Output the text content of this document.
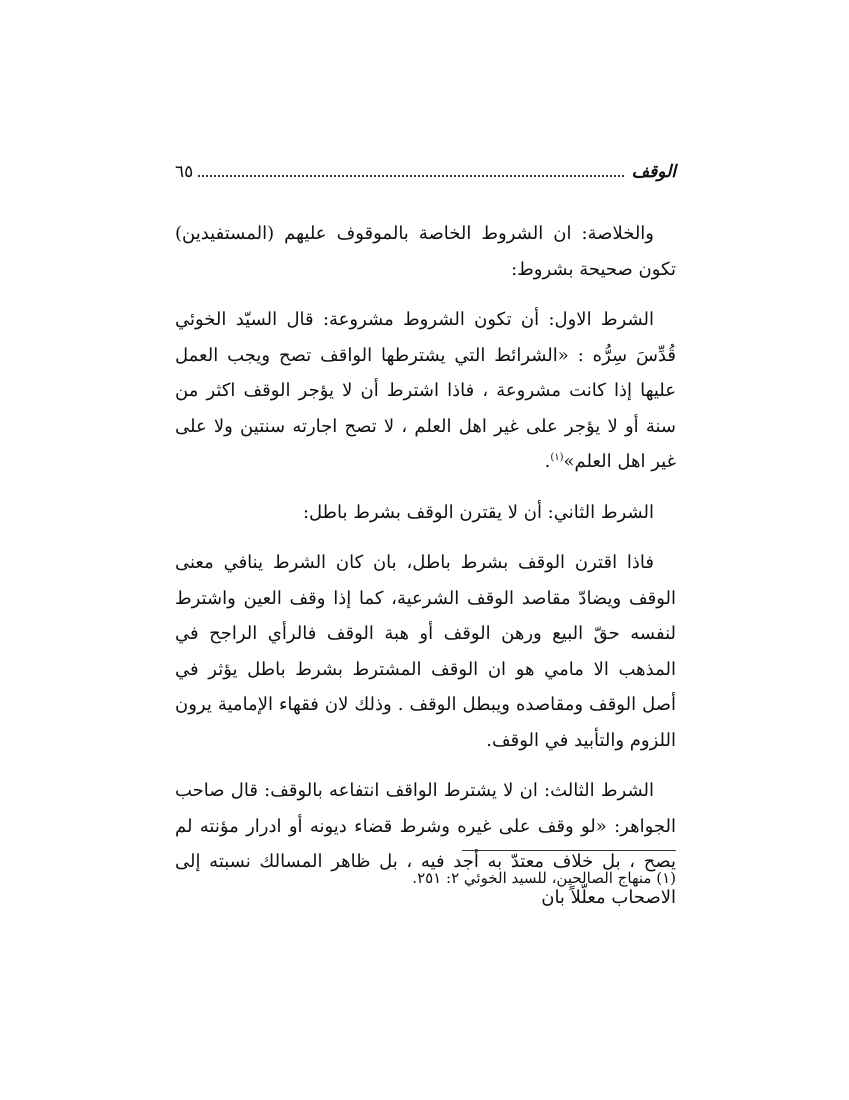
الوقف
٦٥

والخلاصة: ان الشروط الخاصة بالموقوف عليهم (المستفيدين) تكون صحيحة بشروط:

الشرط الاول: أن تكون الشروط مشروعة: قال السيّد الخوئي قُدِّسَ سِرُّه : «الشرائط التي يشترطها الواقف تصح ويجب العمل عليها إذا كانت مشروعة ، فاذا اشترط أن لا يؤجر الوقف اكثر من سنة أو لا يؤجر على غير اهل العلم ، لا تصح اجارته سنتين ولا على غير اهل العلم»$^{(١)}$.

الشرط الثاني: أن لا يقترن الوقف بشرط باطل:

فاذا اقترن الوقف بشرط باطل، بان كان الشرط ينافي معنى الوقف ويضادّ مقاصد الوقف الشرعية، كما إذا وقف العين واشترط لنفسه حقّ البيع ورهن الوقف أو هبة الوقف فالرأي الراجح في المذهب الا مامي هو ان الوقف المشترط بشرط باطل يؤثر في أصل الوقف ومقاصده ويبطل الوقف . وذلك لان فقهاء الإمامية يرون اللزوم والتأبيد في الوقف.

الشرط الثالث: ان لا يشترط الواقف انتفاعه بالوقف: قال صاحب الجواهر: «لو وقف على غيره وشرط قضاء ديونه أو ادرار مؤنته لم يصح ، بل خلاف معتدّ به أجد فيه ، بل ظاهر المسالك نسبته إلى الاصحاب معلّلاً بان

(١) منهاج الصالحين، للسيد الخوئي ٢: ٢٥١.
